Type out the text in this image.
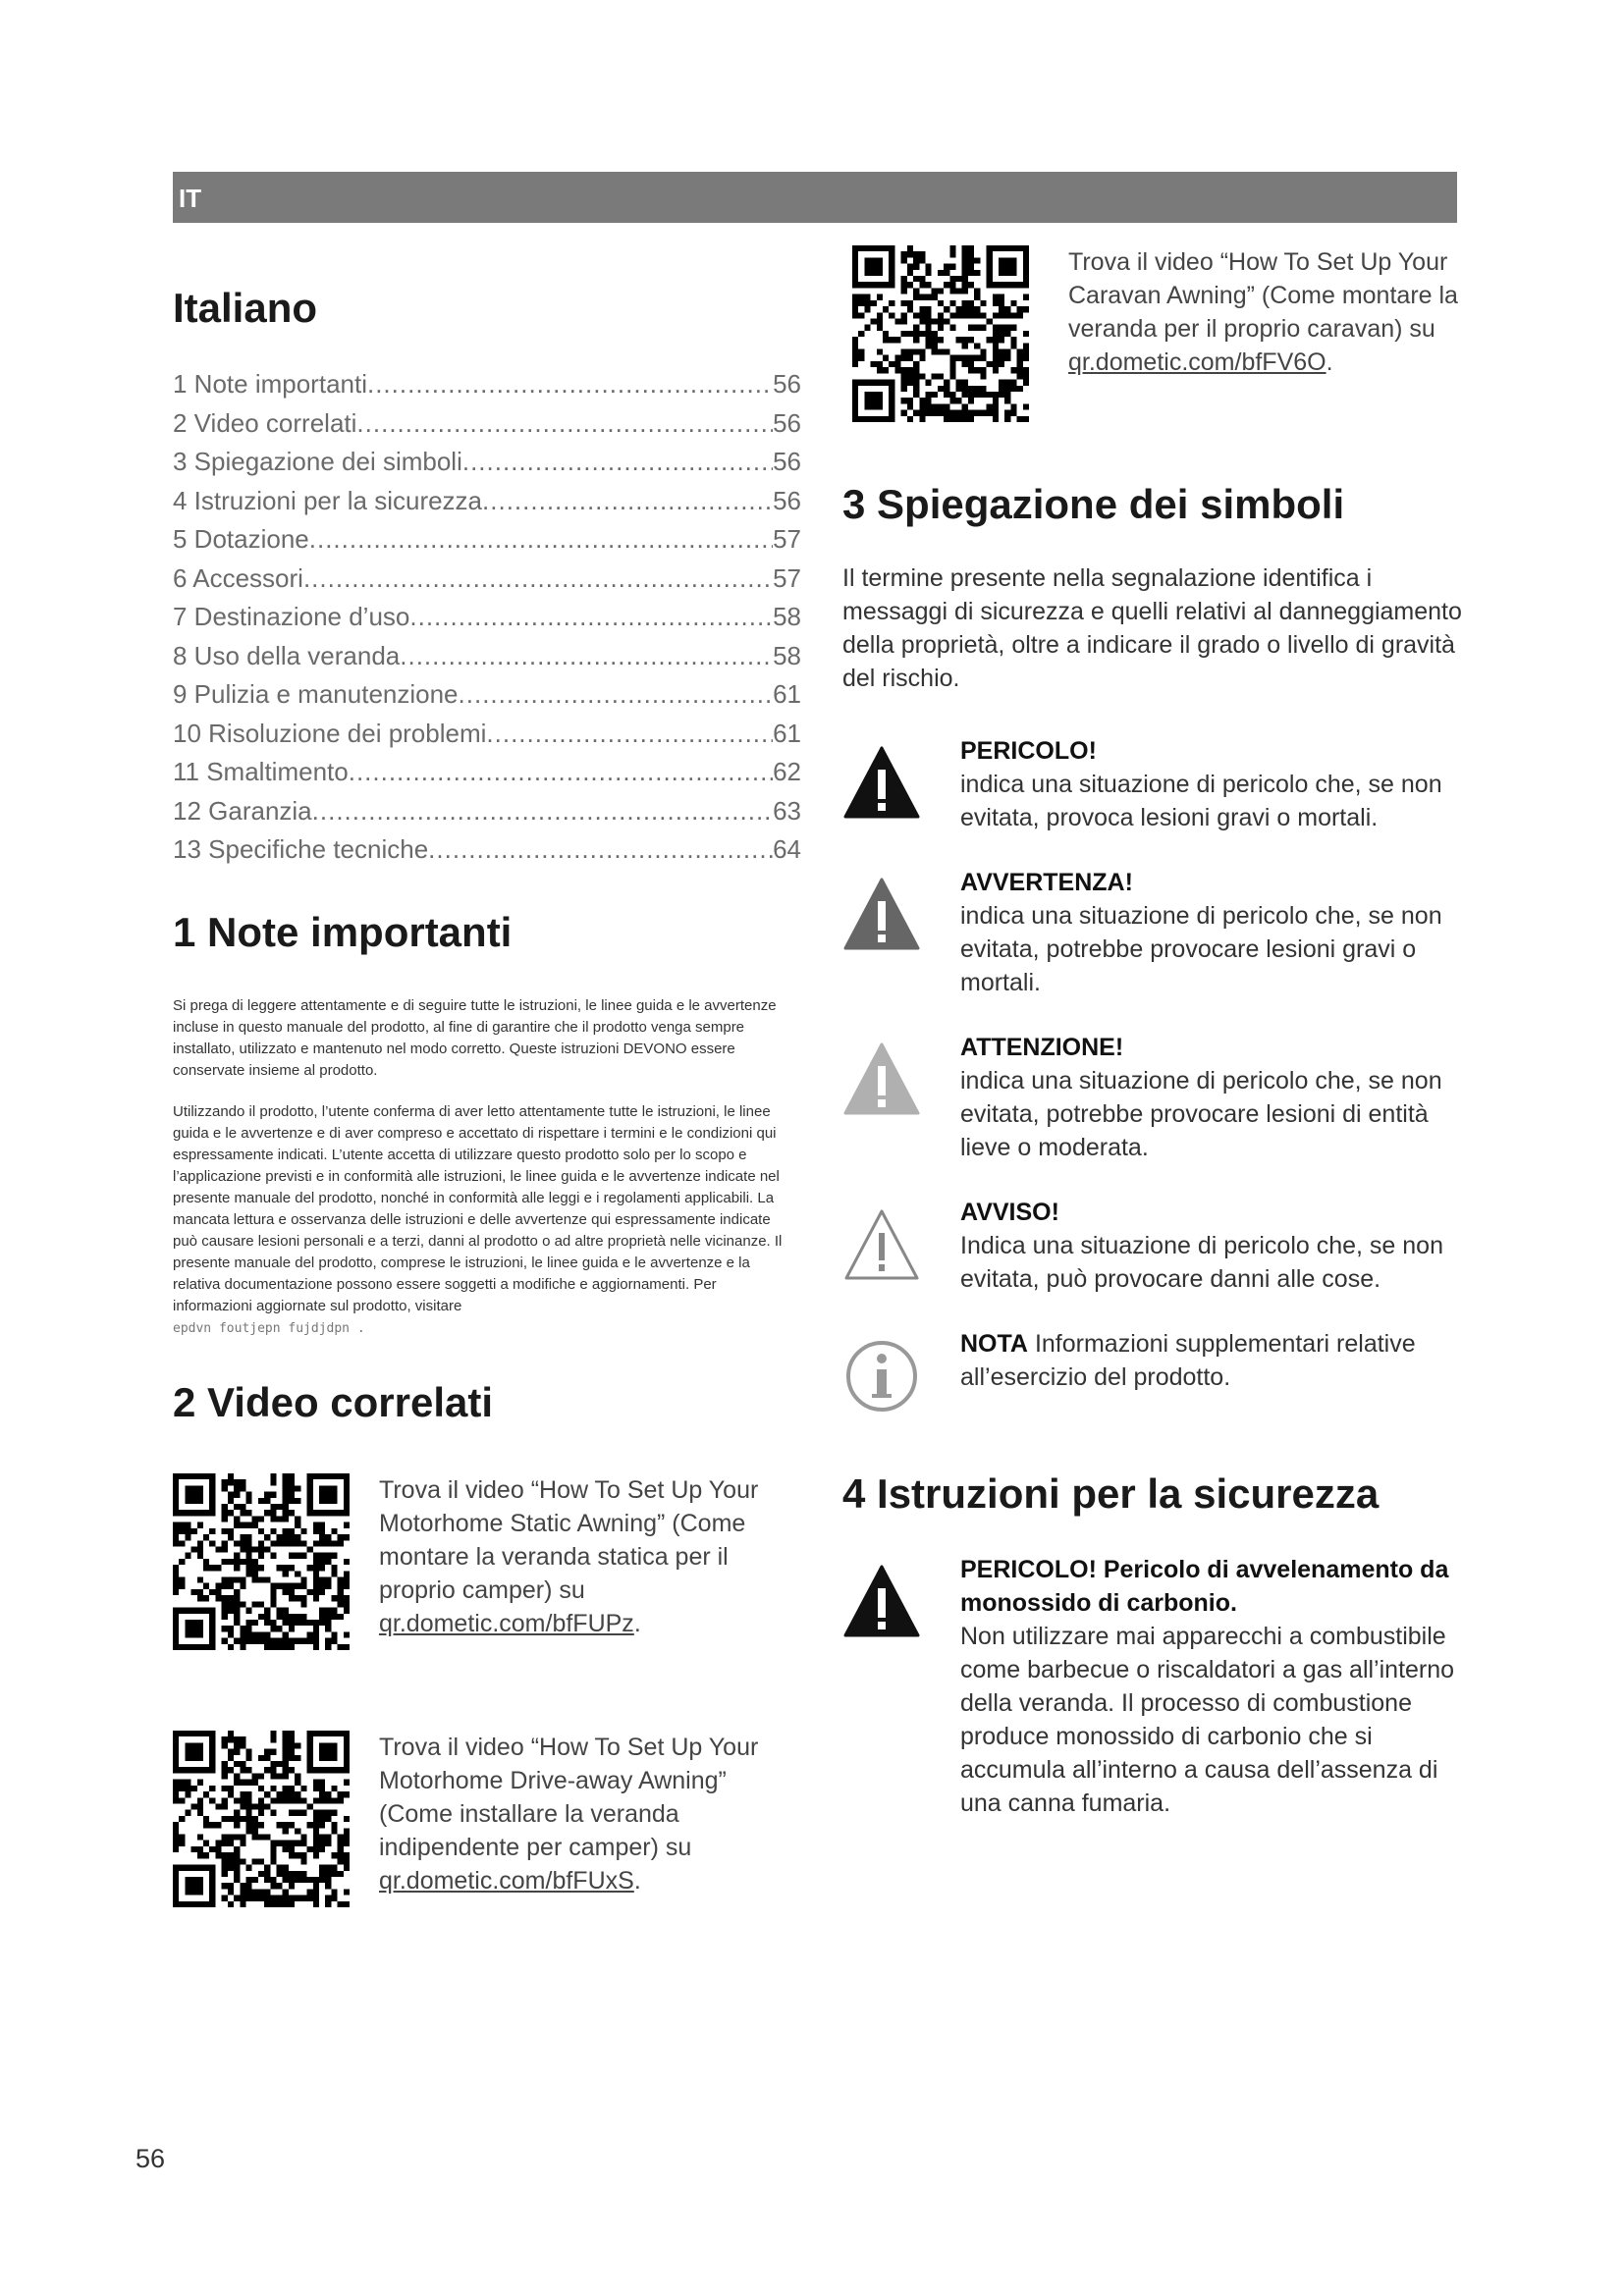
IT
Italiano
1 Note importanti .....	56
2 Video correlati .....	56
3 Spiegazione dei simboli .....	56
4 Istruzioni per la sicurezza .....	56
5 Dotazione .....	57
6 Accessori .....	57
7 Destinazione d’uso .....	58
8 Uso della veranda .....	58
9 Pulizia e manutenzione .....	61
10 Risoluzione dei problemi .....	61
11 Smaltimento .....	62
12 Garanzia .....	63
13 Specifiche tecniche .....	64
1 Note importanti

Si prega di leggere attentamente e di seguire tutte le istruzioni, le linee guida e le avvertenze incluse in questo manuale del prodotto, al fine di garantire che il prodotto venga sempre installato, utilizzato e mantenuto nel modo corretto. Queste istruzioni DEVONO essere conservate insieme al prodotto.

Utilizzando il prodotto, l’utente conferma di aver letto attentamente tutte le istruzioni, le linee guida e le avvertenze e di aver compreso e accettato di rispettare i termini e le condizioni qui espressamente indicati. L’utente accetta di utilizzare questo prodotto solo per lo scopo e l’applicazione previsti e in conformità alle istruzioni, le linee guida e le avvertenze indicate nel presente manuale del prodotto, nonché in conformità alle leggi e i regolamenti applicabili. La mancata lettura e osservanza delle istruzioni e delle avvertenze qui espressamente indicate può causare lesioni personali e a terzi, danni al prodotto o ad altre proprietà nelle vicinanze. Il presente manuale del prodotto, comprese le istruzioni, le linee guida e le avvertenze e la relativa documentazione possono essere soggetti a modifiche e aggiornamenti. Per informazioni aggiornate sul prodotto, visitare
epdvn foutjepn fujdjdpn .

2 Video correlati
Trova il video “How To Set Up Your Motorhome Static Awning” (Come montare la veranda statica per il proprio camper) su
qr.dometic.com/bfFUPz.
Trova il video “How To Set Up Your Motorhome Drive-away Awning” (Come installare la veranda indipendente per camper) su
qr.dometic.com/bfFUxS.
Trova il video “How To Set Up Your Caravan Awning” (Come montare la veranda per il proprio caravan) su
qr.dometic.com/bfFV6O.
3 Spiegazione dei simboli

Il termine presente nella segnalazione identifica i messaggi di sicurezza e quelli relativi al danneggiamento della proprietà, oltre a indicare il grado o livello di gravità del rischio.

PERICOLO!
indica una situazione di pericolo che, se non evitata, provoca lesioni gravi o mortali.
AVVERTENZA!
indica una situazione di pericolo che, se non evitata, potrebbe provocare lesioni gravi o mortali.
ATTENZIONE!
indica una situazione di pericolo che, se non evitata, potrebbe provocare lesioni di entità lieve o moderata.
AVVISO!
Indica una situazione di pericolo che, se non evitata, può provocare danni alle cose.
NOTA Informazioni supplementari relative all’esercizio del prodotto.
4 Istruzioni per la sicurezza
PERICOLO! Pericolo di avvelenamento da monossido di carbonio.
Non utilizzare mai apparecchi a combustibile come barbecue o riscaldatori a gas all’interno della veranda. Il processo di combustione produce monossido di carbonio che si accumula all’interno a causa dell’assenza di una canna fumaria.
56
